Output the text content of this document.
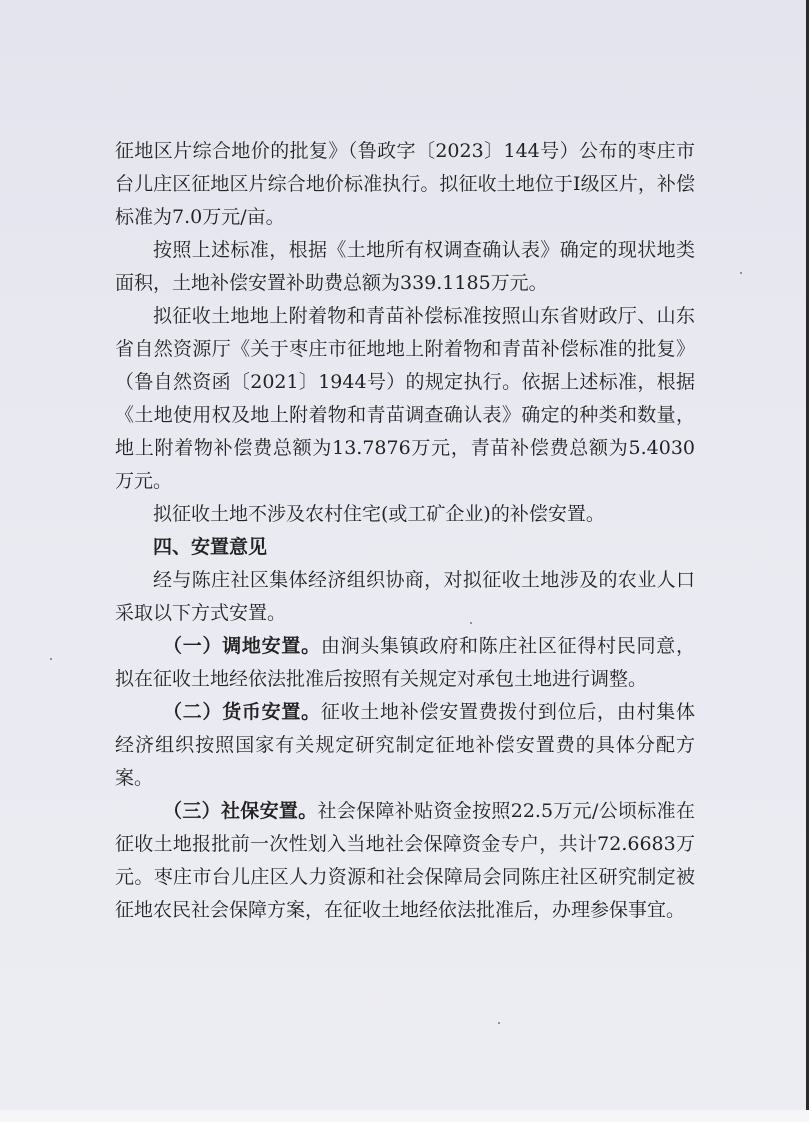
征地区片综合地价的批复》（鲁政字〔2023〕144号）公布的枣庄市台儿庄区征地区片综合地价标准执行。拟征收土地位于Ⅰ级区片，补偿标准为7.0万元/亩。

按照上述标准，根据《土地所有权调查确认表》确定的现状地类面积，土地补偿安置补助费总额为339.1185万元。

拟征收土地地上附着物和青苗补偿标准按照山东省财政厅、山东省自然资源厅《关于枣庄市征地地上附着物和青苗补偿标准的批复》（鲁自然资函〔2021〕1944号）的规定执行。依据上述标准，根据《土地使用权及地上附着物和青苗调查确认表》确定的种类和数量，地上附着物补偿费总额为13.7876万元，青苗补偿费总额为5.4030万元。

拟征收土地不涉及农村住宅(或工矿企业)的补偿安置。

四、安置意见

经与陈庄社区集体经济组织协商，对拟征收土地涉及的农业人口采取以下方式安置。

（一）调地安置。由涧头集镇政府和陈庄社区征得村民同意，拟在征收土地经依法批准后按照有关规定对承包土地进行调整。

（二）货币安置。征收土地补偿安置费拨付到位后，由村集体经济组织按照国家有关规定研究制定征地补偿安置费的具体分配方案。

（三）社保安置。社会保障补贴资金按照22.5万元/公顷标准在征收土地报批前一次性划入当地社会保障资金专户，共计72.6683万元。枣庄市台儿庄区人力资源和社会保障局会同陈庄社区研究制定被征地农民社会保障方案，在征收土地经依法批准后，办理参保事宜。
